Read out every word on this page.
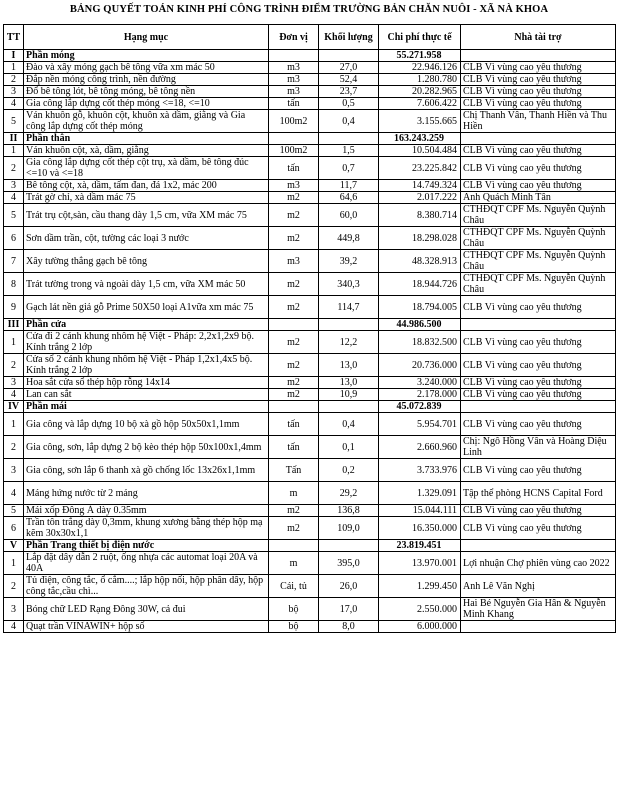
BẢNG QUYẾT TOÁN KINH PHÍ CÔNG TRÌNH ĐIỂM TRƯỜNG BẢN CHĂN NUÔI - XÃ NÀ KHOA
TT	Hạng mục	Đơn vị	Khối lượng	Chi phí thực tế	Nhà tài trợ
I	Phần móng			55.271.958	
1	Đào và xây móng gạch bê tông vữa xm mác 50	m3	27,0	22.946.126	CLB Vì vùng cao yêu thương
2	Đắp nền móng công trình, nền đường	m3	52,4	1.280.780	CLB Vì vùng cao yêu thương
3	Đổ bê tông lót, bê tông móng, bê tông nền	m3	23,7	20.282.965	CLB Vì vùng cao yêu thương
4	Gia công lắp dựng cốt thép móng <=18, <=10	tấn	0,5	7.606.422	CLB Vì vùng cao yêu thương
5	Ván khuôn gỗ, khuôn cột, khuôn xà dầm, giằng và Gia công lắp dựng cốt thép móng	100m2	0,4	3.155.665	Chị Thanh Vân, Thanh Hiền và Thu Hiền
II	Phần thân			163.243.259	
1	Ván khuôn cột, xà, dầm, giằng	100m2	1,5	10.504.484	CLB Vì vùng cao yêu thương
2	Gia công lắp dựng cốt thép cột trụ, xà dầm, bê tông đúc <=10 và <=18	tấn	0,7	23.225.842	CLB Vì vùng cao yêu thương
3	Bê tông cột, xà, dầm, tấm đan, đá 1x2, mác 200	m3	11,7	14.749.324	CLB Vì vùng cao yêu thương
4	Trát gờ chỉ, xà dầm mác 75	m2	64,6	2.017.222	Anh Quách Minh Tân
5	Trát trụ cột,sàn, cầu thang dày 1,5 cm, vữa XM mác 75	m2	60,0	8.380.714	CTHĐQT CPF Ms. Nguyễn Quỳnh Châu
6	Sơn dầm trần, cột, tường các loại 3 nước	m2	449,8	18.298.028	CTHĐQT CPF Ms. Nguyễn Quỳnh Châu
7	Xây tường thẳng gạch bê tông	m3	39,2	48.328.913	CTHĐQT CPF Ms. Nguyễn Quỳnh Châu
8	Trát tường trong và ngoài dày 1,5 cm, vữa XM mác 50	m2	340,3	18.944.726	CTHĐQT CPF Ms. Nguyễn Quỳnh Châu
9	Gạch lát nền giả gỗ Prime 50X50 loại A1vữa xm mác 75	m2	114,7	18.794.005	CLB Vì vùng cao yêu thương
III	Phần cửa			44.986.500	
1	Cửa đi 2 cánh khung nhôm hệ Việt - Pháp: 2,2x1,2x9 bộ. Kính trắng 2 lớp	m2	12,2	18.832.500	CLB Vì vùng cao yêu thương
2	Cửa sổ 2 cánh khung nhôm hệ Việt - Pháp 1,2x1,4x5 bộ. Kính trắng 2 lớp	m2	13,0	20.736.000	CLB Vì vùng cao yêu thương
3	Hoa sắt cửa sổ thép hộp rỗng 14x14	m2	13,0	3.240.000	CLB Vì vùng cao yêu thương
4	Lan can sắt	m2	10,9	2.178.000	CLB Vì vùng cao yêu thương
IV	Phần mái			45.072.839	
1	Gia công và lắp dựng 10 bộ xà gồ hộp 50x50x1,1mm	tấn	0,4	5.954.701	CLB Vì vùng cao yêu thương
2	Gia công, sơn, lắp dựng 2 bộ kèo thép hộp 50x100x1,4mm	tấn	0,1	2.660.960	Chị: Ngô Hồng Vân và Hoàng Diệu Linh
3	Gia công, sơn lắp 6 thanh xà gồ chống lốc 13x26x1,1mm	Tấn	0,2	3.733.976	CLB Vì vùng cao yêu thương
4	Máng hứng nước từ 2 mảng	m	29,2	1.329.091	Tập thể phòng HCNS Capital Ford
5	Mái xốp Đông Á dày 0.35mm	m2	136,8	15.044.111	CLB Vì vùng cao yêu thương
6	Trần tôn trắng dày 0,3mm, khung xương bằng thép hộp mạ kẽm 30x30x1,1	m2	109,0	16.350.000	CLB Vì vùng cao yêu thương
V	Phần Trang thiết bị điện nước			23.819.451	
1	Lắp đặt dây dẫn 2 ruột, ống nhựa các automat loại 20A và 40A	m	395,0	13.970.001	Lợi nhuận Chợ phiên vùng cao 2022
2	Tủ điện, công tắc, ổ cắm....; lắp hộp nối, hộp phân dây, hộp công tắc,cầu chì...	Cái, tủ	26,0	1.299.450	Anh Lê Văn Nghị
3	Bóng chữ LED Rạng Đông 30W, cả đui	bộ	17,0	2.550.000	Hai Bé Nguyễn Gia Hân & Nguyễn Minh Khang
4	Quạt trần VINAWIN+ hộp số	bộ	8,0	6.000.000	
